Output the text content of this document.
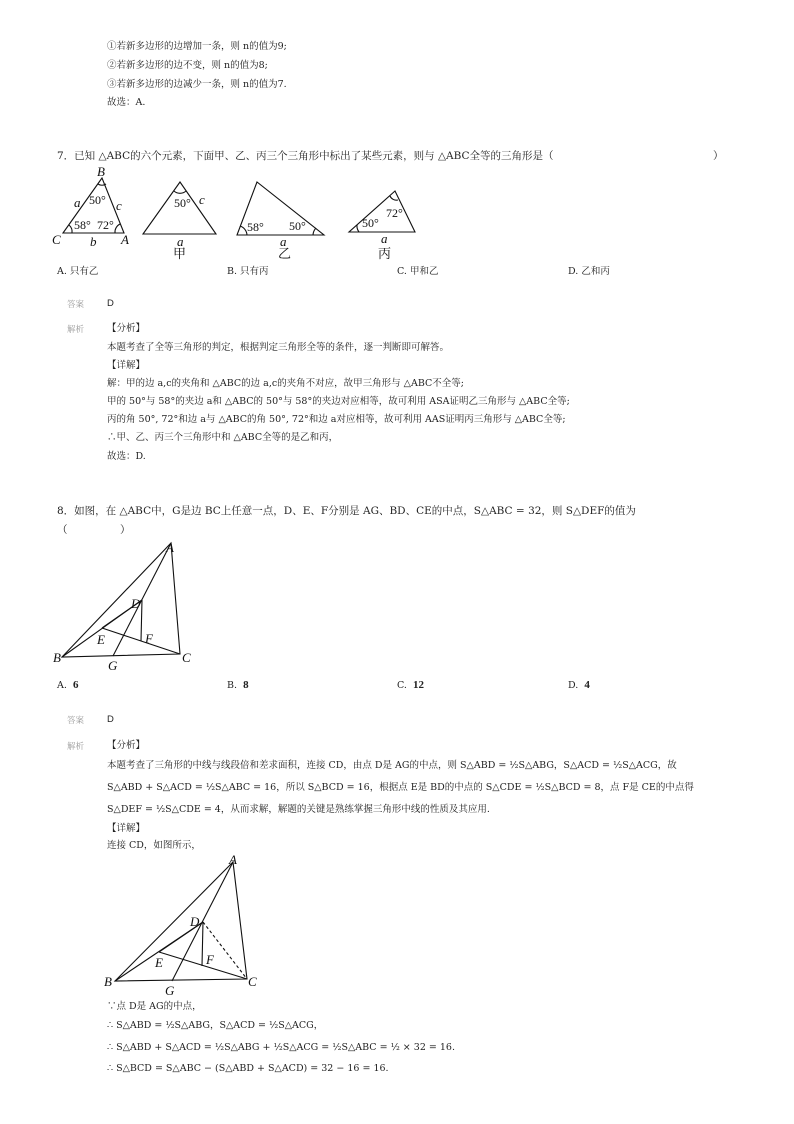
①若新多边形的边增加一条，则 n的值为9;
②若新多边形的边不变，则 n的值为8;
③若新多边形的边减少一条，则 n的值为7.
故选：A.
7．已知 △ABC的六个元素，下面甲、乙、丙三个三角形中标出了某些元素，则与 △ABC全等的三角形是（	）
B
A
C
a
b
c	c
a	a	a
50°
58° 72°
50°
58° 50°	50°
72°
甲	乙	丙
A. 只有乙	B. 只有丙	C. 甲和乙	D. 乙和丙
答案 D
解析 【分析】
本题考查了全等三角形的判定，根据判定三角形全等的条件，逐一判断即可解答。
【详解】
解：甲的边 a,c的夹角和 △ABC的边 a,c的夹角不对应，故甲三角形与 △ABC不全等;
甲的 50°与 58°的夹边 a和 △ABC的 50°与 58°的夹边对应相等，故可利用 ASA证明乙三角形与 △ABC全等;
丙的角 50°, 72°和边 a与 △ABC的角 50°, 72°和边 a对应相等，故可利用 AAS证明丙三角形与 △ABC全等;
∴甲、乙、丙三个三角形中和 △ABC全等的是乙和丙，
故选：D.
8．如图，在 △ABC中，G是边 BC上任意一点，D、E、F分别是 AG、BD、CE的中点，S△ABC = 32，则 S△DEF的值为
（　　　　　）
A
B	C
D
E	F
G
A. 6	B. 8	C. 12	D. 4
答案 D
解析 【分析】
本题考查了三角形的中线与线段倍和差求面积，连接 CD，由点 D是 AG的中点，则 S△ABD = ½S△ABG，S△ACD = ½S△ACG，故
S△ABD + S△ACD = ½S△ABC = 16，所以 S△BCD = 16，根据点 E是 BD的中点的 S△CDE = ½S△BCD = 8，点 F是 CE的中点得
S△DEF = ½S△CDE = 4，从而求解，解题的关键是熟练掌握三角形中线的性质及其应用.
【详解】
连接 CD，如图所示，
A
B	C
D
E	F
G
∵点 D是 AG的中点，
∴ S△ABD = ½S△ABG，S△ACD = ½S△ACG，
∴ S△ABD + S△ACD = ½S△ABG + ½S△ACG = ½S△ABC = ½ × 32 = 16.
∴ S△BCD = S△ABC − (S△ABD + S△ACD) = 32 − 16 = 16.
